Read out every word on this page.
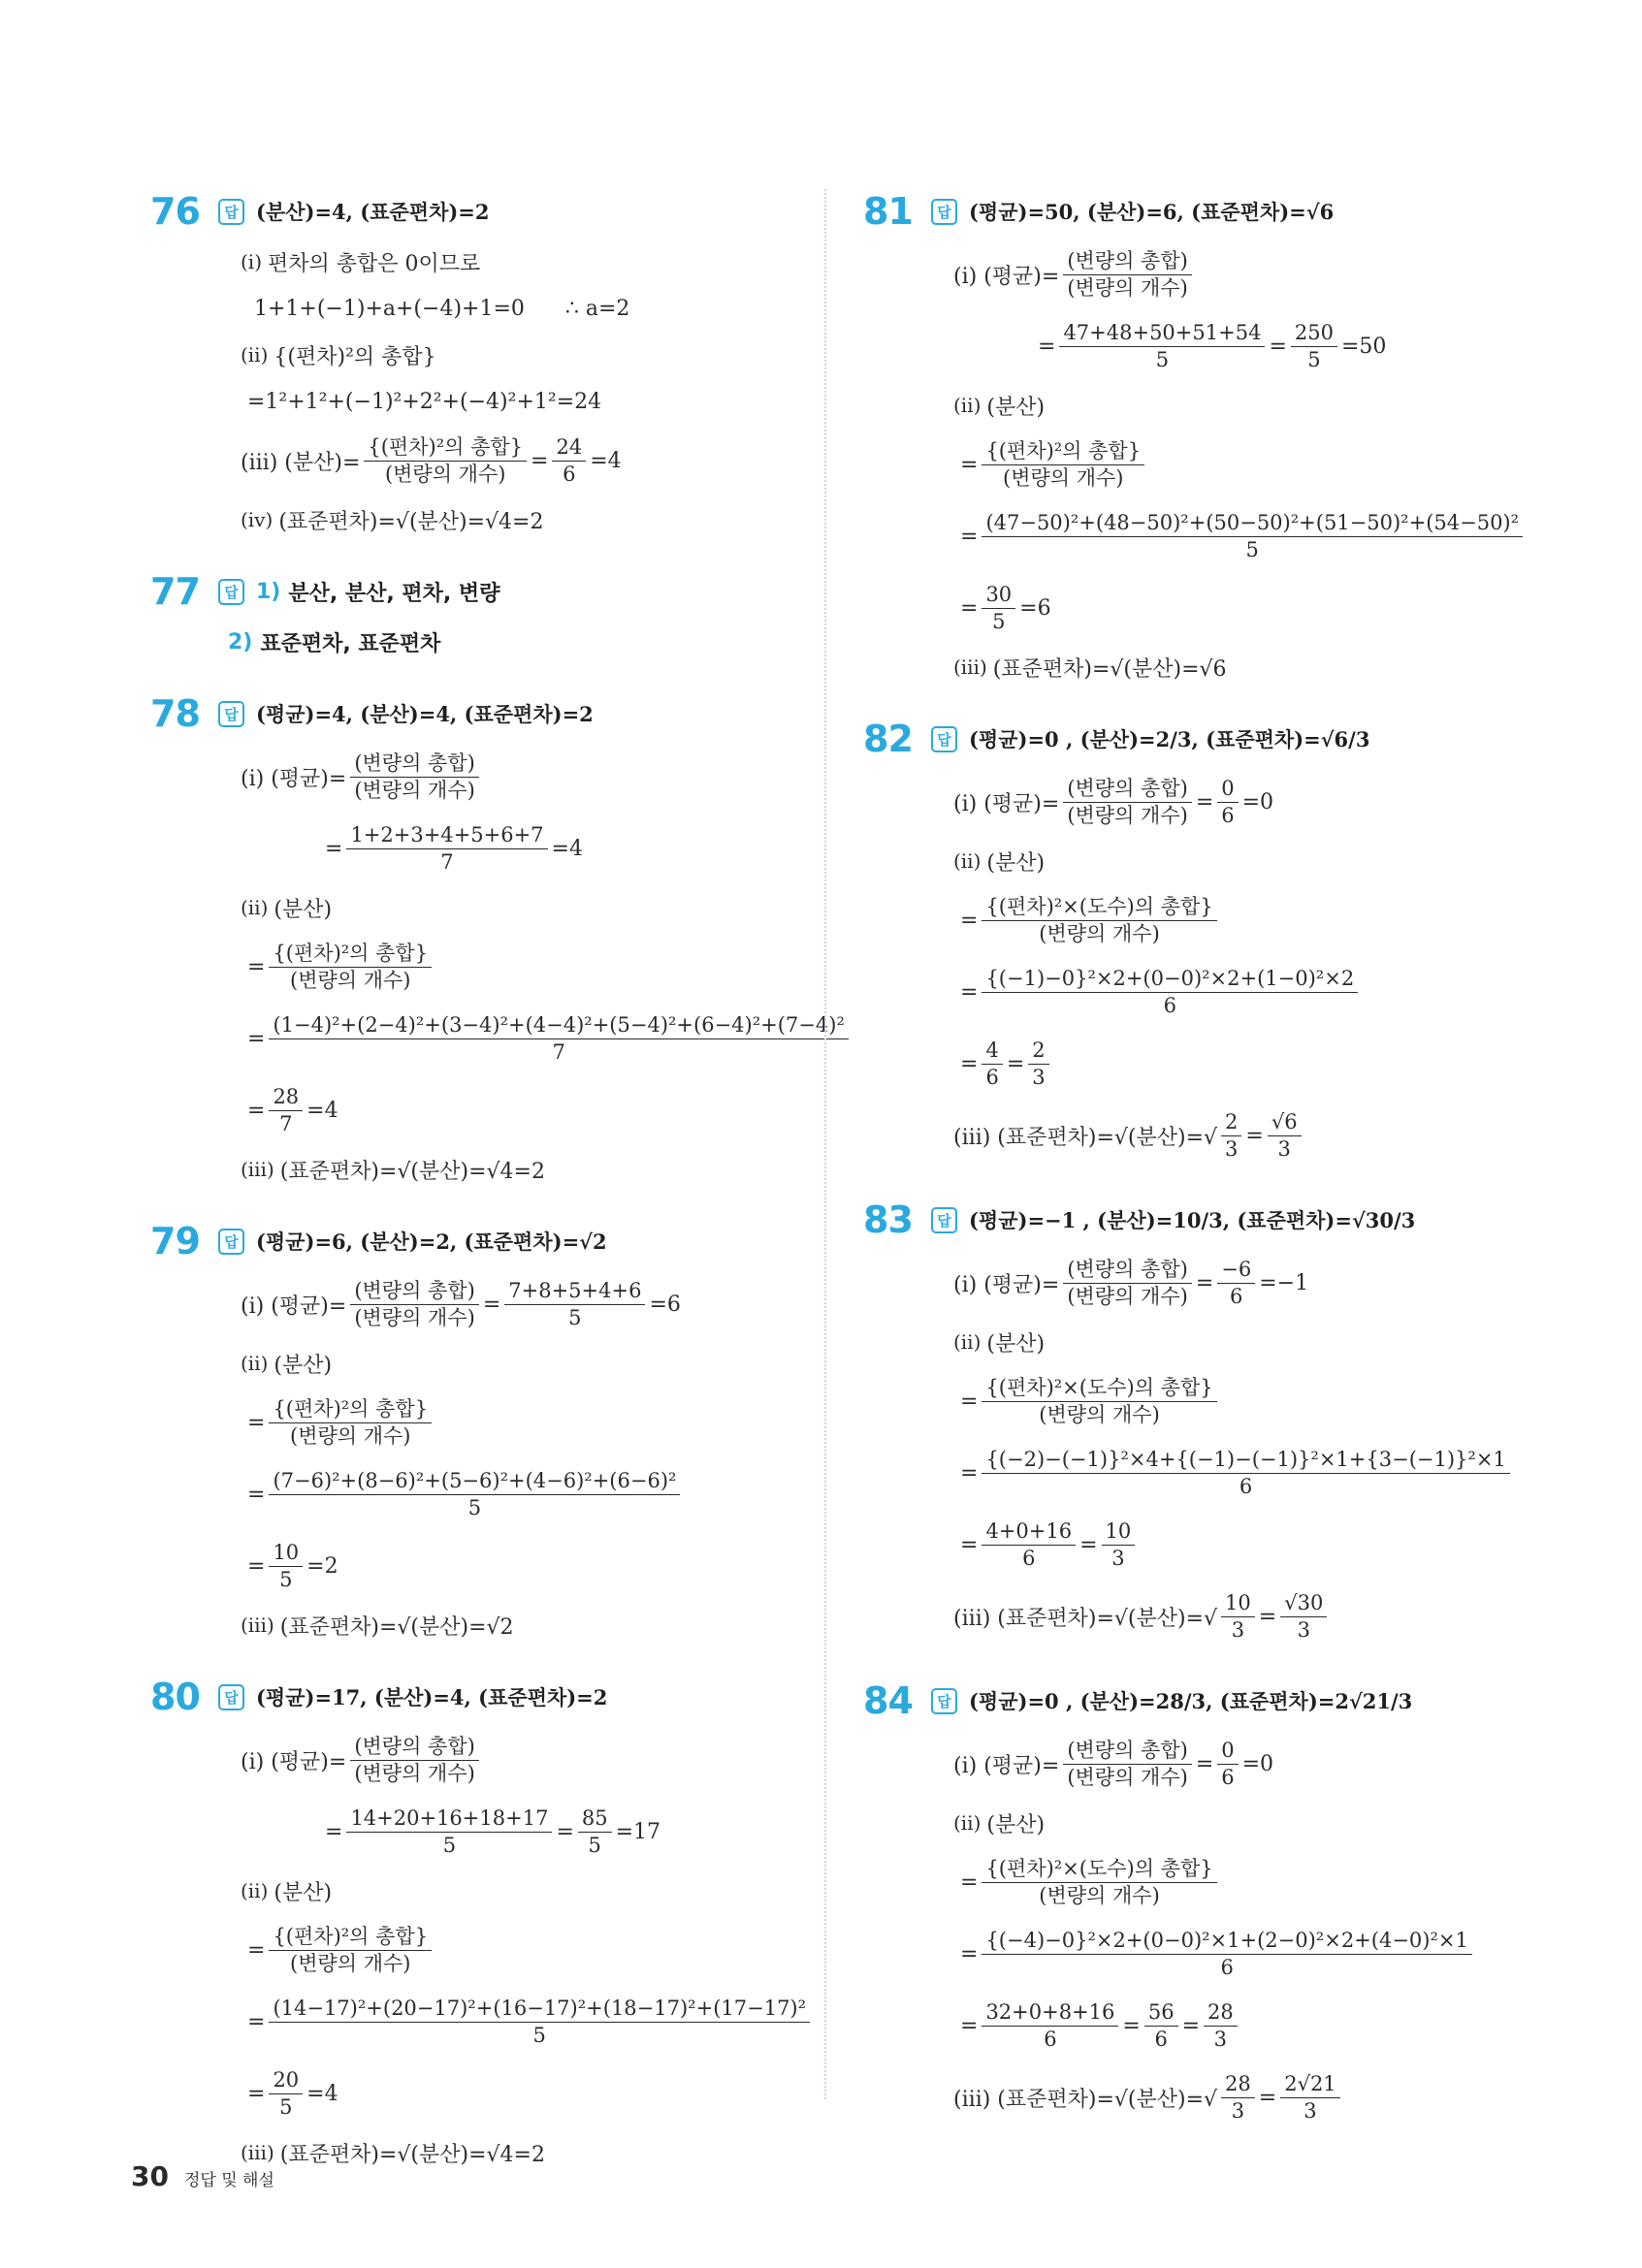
76	답 (분산)=4, (표준편차)=2
(ⅰ) 편차의 총합은 0이므로
1+1+(−1)+a+(−4)+1=0      ∴ a=2
(ⅱ) {(편차)²의 총합}
=1²+1²+(−1)²+2²+(−4)²+1²=24
(ⅲ) (분산)= $\frac{\text{\{(편차)²의 총합\}}}{\text{(변량의 개수)}} = \frac{24}{6} =4$
(ⅳ) (표준편차)=√(분산)=√4=2
77	답 1) 분산, 분산, 편차, 변량
2) 표준편차, 표준편차
78	답 (평균)=4, (분산)=4, (표준편차)=2
(ⅰ) (평균)= $\frac{\text{(변량의 총합)}}{\text{(변량의 개수)}}$
= $\frac{1+2+3+4+5+6+7}{7} =4$
(ⅱ) (분산)
= $\frac{\text{\{(편차)²의 총합\}}}{\text{(변량의 개수)}}$
= $\frac{\text{(1−4)²+(2−4)²+(3−4)²+(4−4)²+(5−4)²+(6−4)²+(7−4)²}}{7}$
= $\frac{28}{7} =4$
(ⅲ) (표준편차)=√(분산)=√4=2
79	답 (평균)=6, (분산)=2, (표준편차)=√2
(ⅰ) (평균)= $\frac{\text{(변량의 총합)}}{\text{(변량의 개수)}} = \frac{7+8+5+4+6}{5} =6$
(ⅱ) (분산)
= $\frac{\text{\{(편차)²의 총합\}}}{\text{(변량의 개수)}}$
= $\frac{\text{(7−6)²+(8−6)²+(5−6)²+(4−6)²+(6−6)²}}{5}$
= $\frac{10}{5} =2$
(ⅲ) (표준편차)=√(분산)=√2
80	답 (평균)=17, (분산)=4, (표준편차)=2
(ⅰ) (평균)= $\frac{\text{(변량의 총합)}}{\text{(변량의 개수)}}$
= $\frac{14+20+16+18+17}{5} = \frac{85}{5} =17$
(ⅱ) (분산)
= $\frac{\text{\{(편차)²의 총합\}}}{\text{(변량의 개수)}}$
= $\frac{\text{(14−17)²+(20−17)²+(16−17)²+(18−17)²+(17−17)²}}{5}$
= $\frac{20}{5} =4$
(ⅲ) (표준편차)=√(분산)=√4=2
81	답 (평균)=50, (분산)=6, (표준편차)=√6
(ⅰ) (평균)= $\frac{\text{(변량의 총합)}}{\text{(변량의 개수)}}$
= $\frac{47+48+50+51+54}{5} = \frac{250}{5} =50$
(ⅱ) (분산)
= $\frac{\text{\{(편차)²의 총합\}}}{\text{(변량의 개수)}}$
= $\frac{\text{(47−50)²+(48−50)²+(50−50)²+(51−50)²+(54−50)²}}{5}$
= $\frac{30}{5} =6$
(ⅲ) (표준편차)=√(분산)=√6
82	답 (평균)=0 , (분산)=2/3, (표준편차)=√6/3
(ⅰ) (평균)= $\frac{\text{(변량의 총합)}}{\text{(변량의 개수)}} = \frac{0}{6} =0$
(ⅱ) (분산)
= $\frac{\text{\{(편차)²×(도수)의 총합\}}}{\text{(변량의 개수)}}$
= $\frac{\text{\{(−1)−0\}²×2+(0−0)²×2+(1−0)²×2}}{6}$
= $\frac{4}{6} = \frac{2}{3}$
(ⅲ) (표준편차)=√(분산)=√ $\frac{2}{3} = \frac{√6}{3}$
83	답 (평균)=−1 , (분산)=10/3, (표준편차)=√30/3
(ⅰ) (평균)= $\frac{\text{(변량의 총합)}}{\text{(변량의 개수)}} = \frac{-6}{6} =-1$
(ⅱ) (분산)
= $\frac{\text{\{(편차)²×(도수)의 총합\}}}{\text{(변량의 개수)}}$
= $\frac{\text{\{(−2)−(−1)\}²×4+\{(−1)−(−1)\}²×1+\{3−(−1)\}²×1}}{6}$
= $\frac{4+0+16}{6} = \frac{10}{3}$
(ⅲ) (표준편차)=√(분산)=√ $\frac{10}{3} = \frac{√30}{3}$
84	답 (평균)=0 , (분산)=28/3, (표준편차)=2√21/3
(ⅰ) (평균)= $\frac{\text{(변량의 총합)}}{\text{(변량의 개수)}} = \frac{0}{6} =0$
(ⅱ) (분산)
= $\frac{\text{\{(편차)²×(도수)의 총합\}}}{\text{(변량의 개수)}}$
= $\frac{\text{\{(−4)−0\}²×2+(0−0)²×1+(2−0)²×2+(4−0)²×1}}{6}$
= $\frac{32+0+8+16}{6} = \frac{56}{6} = \frac{28}{3}$
(ⅲ) (표준편차)=√(분산)=√ $\frac{28}{3} = \frac{2√21}{3}$
30 정답 및 해설
